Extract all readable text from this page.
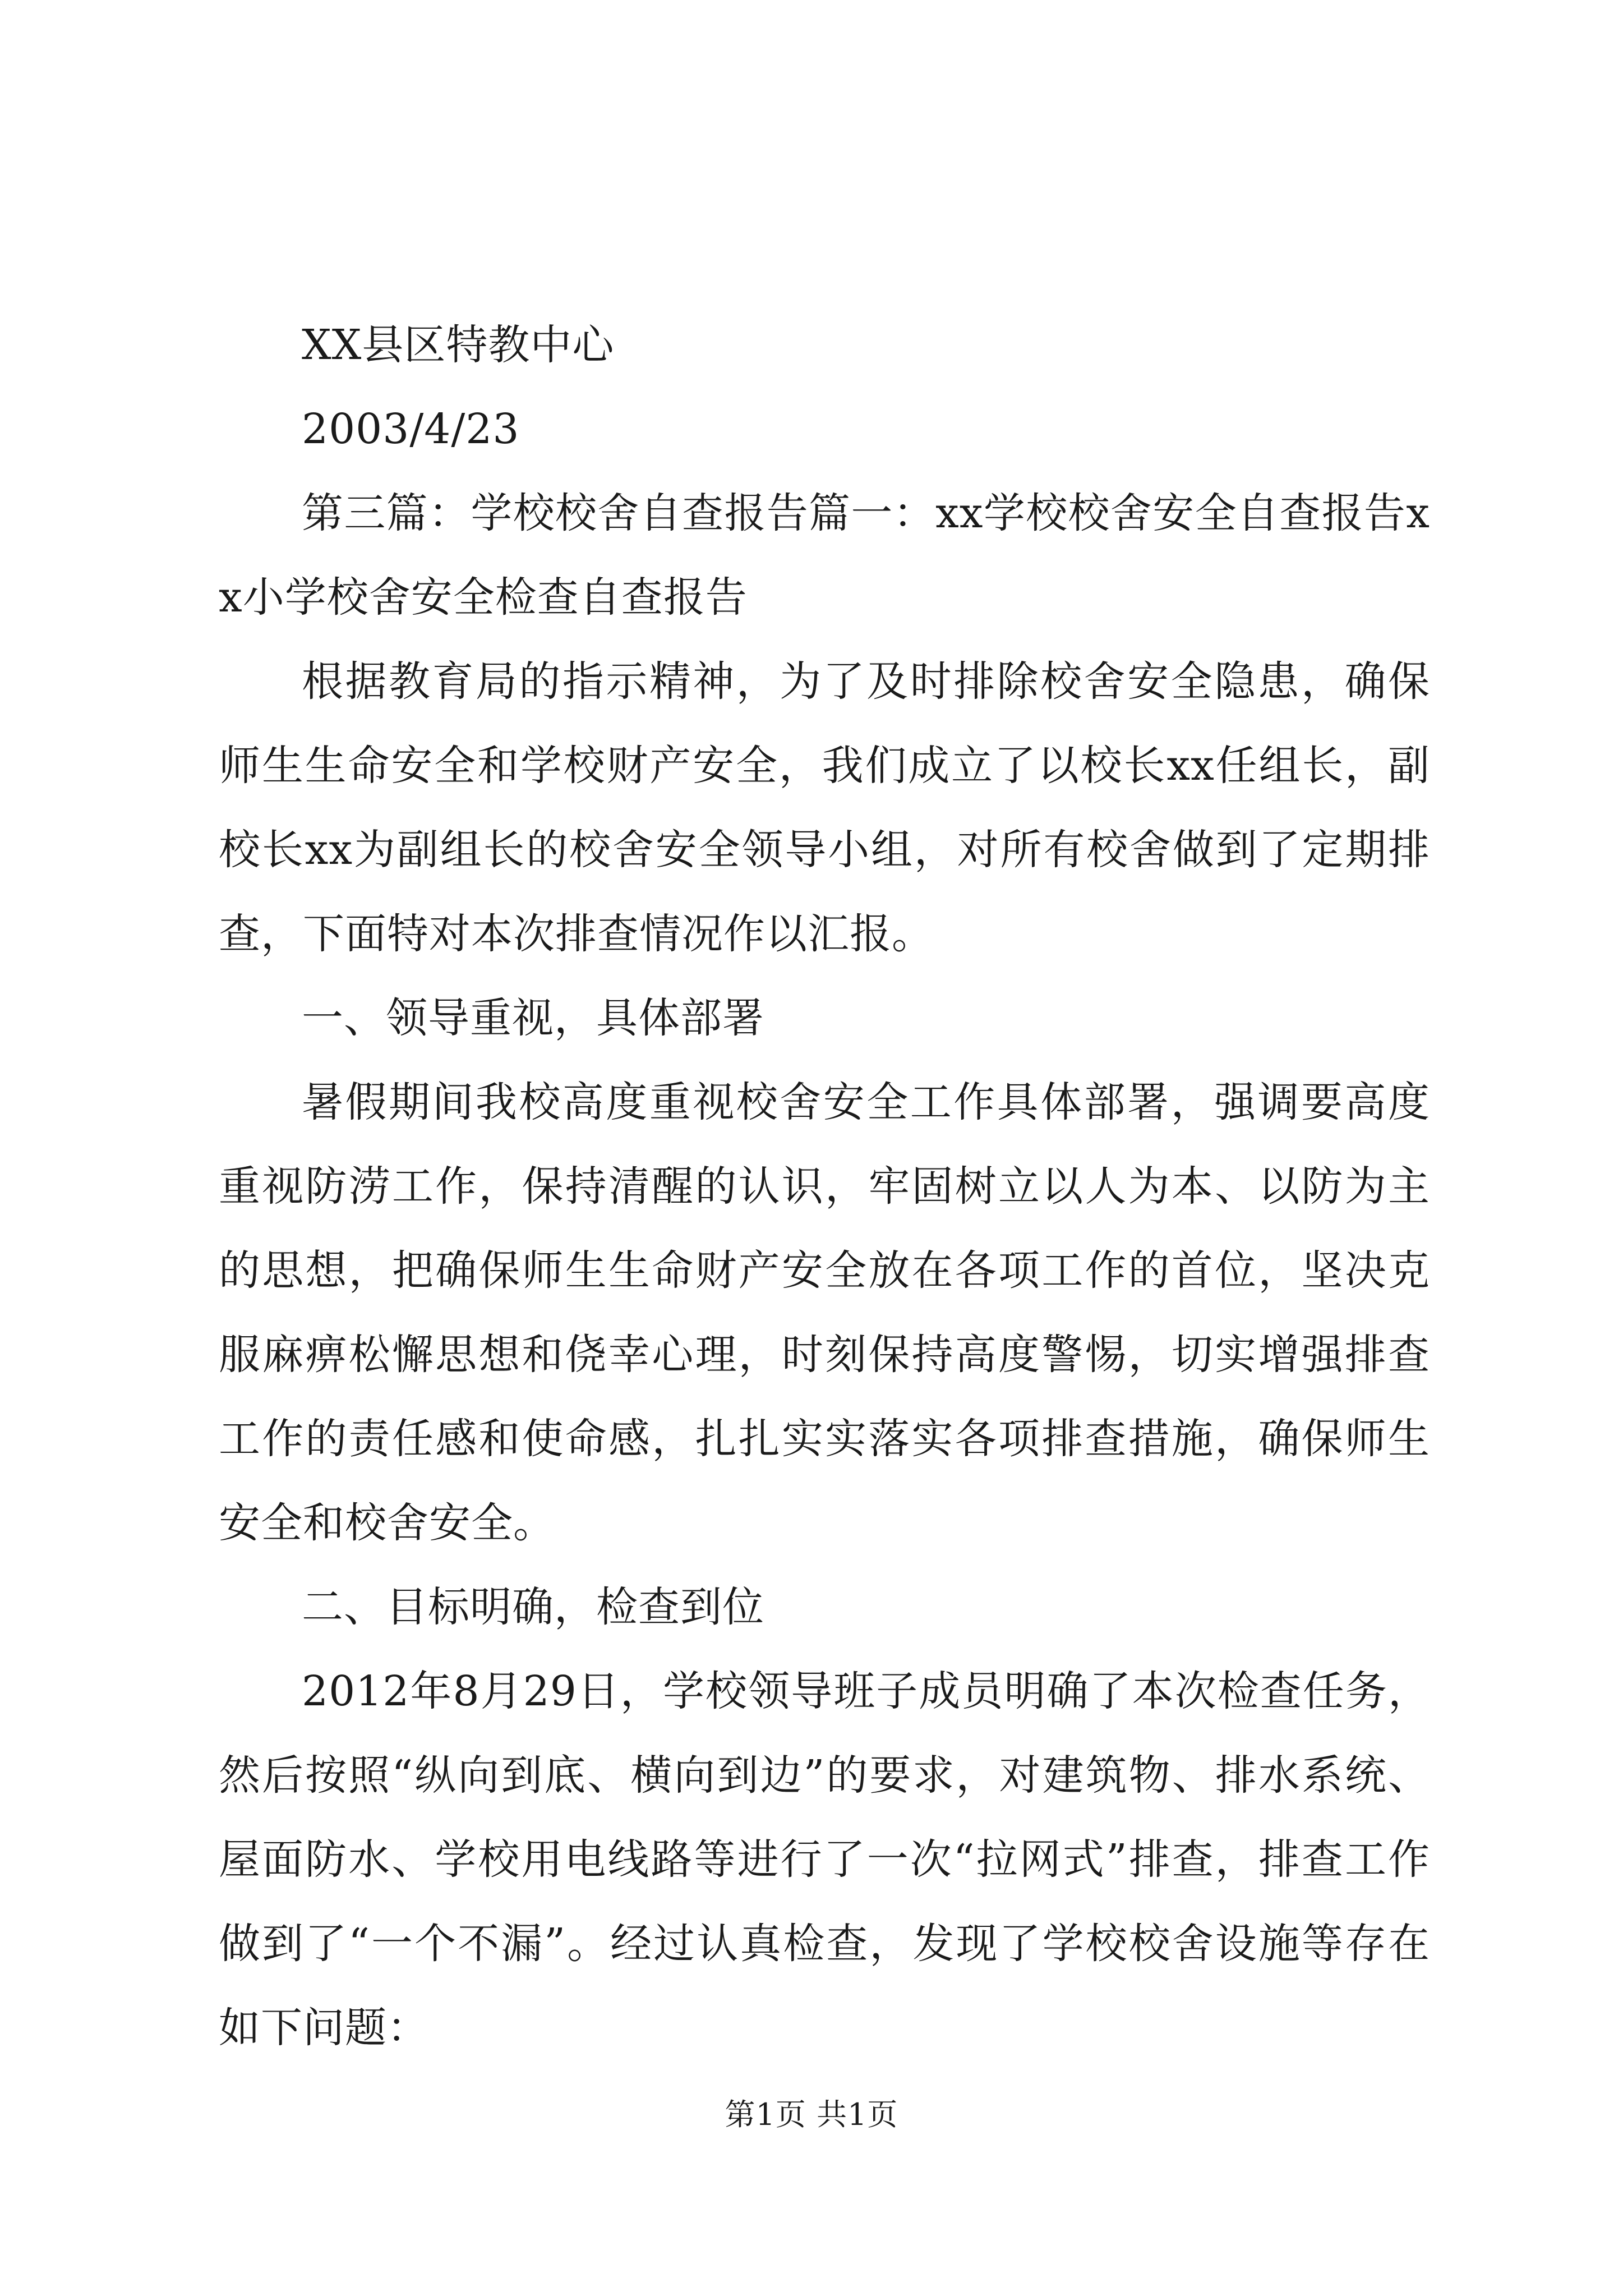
XX县区特教中心

2003/4/23

第三篇：学校校舍自查报告篇一：xx学校校舍安全自查报告xx小学校舍安全检查自查报告

根据教育局的指示精神，为了及时排除校舍安全隐患，确保师生生命安全和学校财产安全，我们成立了以校长xx任组长，副校长xx为副组长的校舍安全领导小组，对所有校舍做到了定期排查，下面特对本次排查情况作以汇报。

一、领导重视，具体部署

暑假期间我校高度重视校舍安全工作具体部署，强调要高度重视防涝工作，保持清醒的认识，牢固树立以人为本、以防为主的思想，把确保师生生命财产安全放在各项工作的首位，坚决克服麻痹松懈思想和侥幸心理，时刻保持高度警惕，切实增强排查工作的责任感和使命感，扎扎实实落实各项排查措施，确保师生安全和校舍安全。

二、目标明确，检查到位

2012年8月29日，学校领导班子成员明确了本次检查任务，然后按照“纵向到底、横向到边”的要求，对建筑物、排水系统、屋面防水、学校用电线路等进行了一次“拉网式”排查，排查工作做到了“一个不漏”。经过认真检查，发现了学校校舍设施等存在如下问题：

第1页 共1页
